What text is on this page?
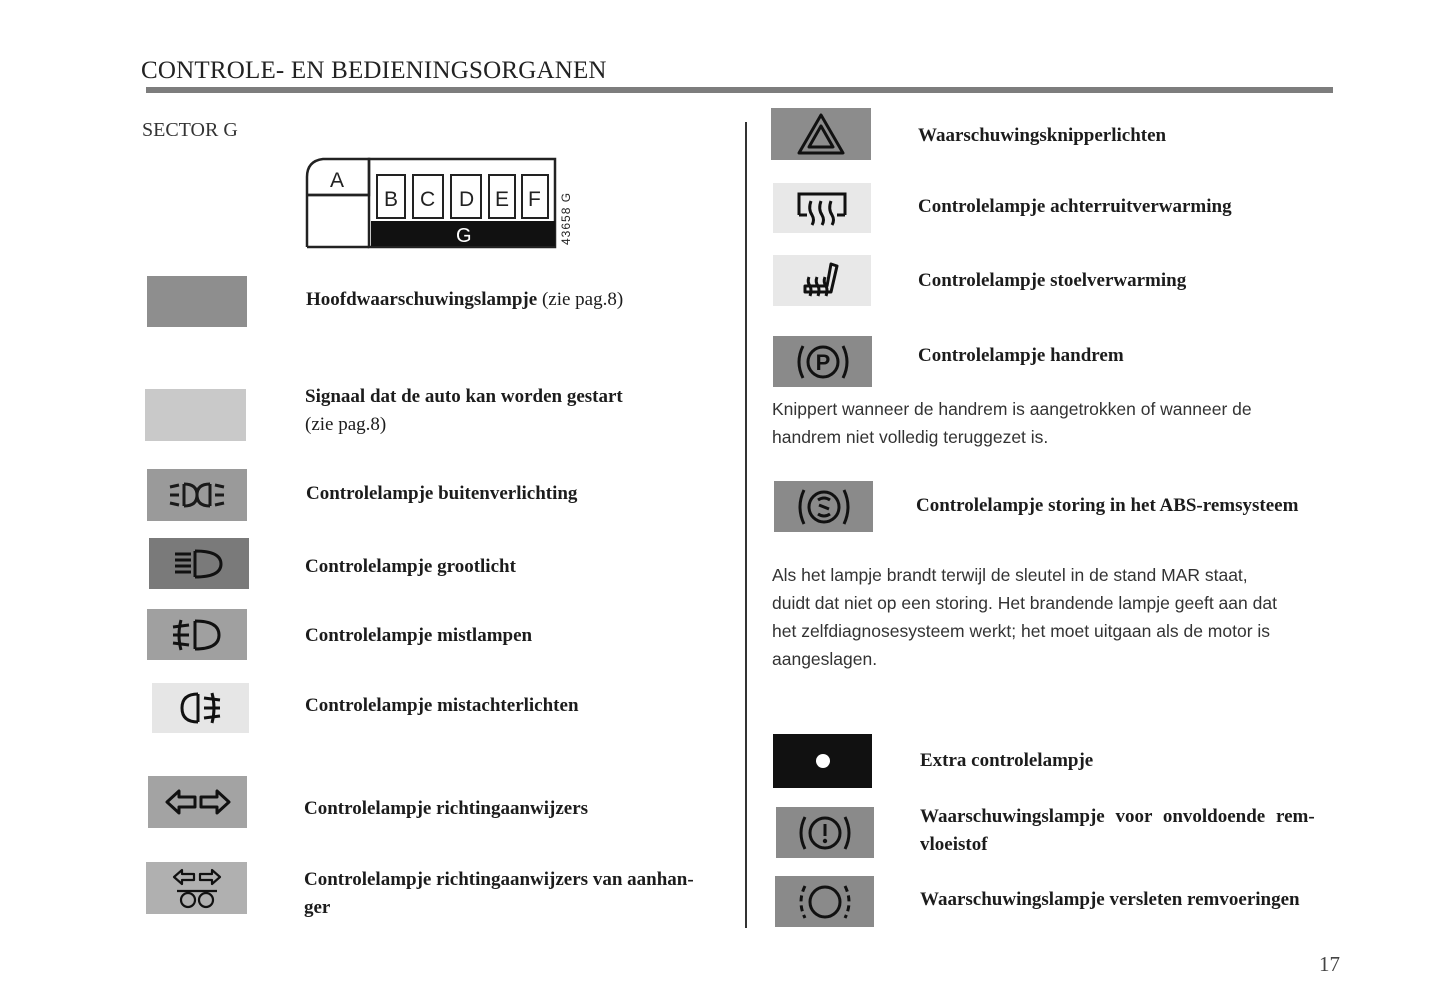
CONTROLE- EN BEDIENINGSORGANEN
SECTOR G
A
B C D E F
G	43658 G
Hoofdwaarschuwingslampje (zie pag.8)
Signaal dat de auto kan worden gestart
(zie pag.8)
Controlelampje buitenverlichting
Controlelampje grootlicht
Controlelampje mistlampen
Controlelampje mistachterlichten
Controlelampje richtingaanwijzers
Controlelampje richtingaanwijzers van aanhan-
ger
Waarschuwingsknipperlichten
Controlelampje achterruitverwarming
Controlelampje stoelverwarming
P	Controlelampje handrem
Knippert wanneer de handrem is aangetrokken of wanneer de
handrem niet volledig teruggezet is.
Controlelampje storing in het ABS-remsysteem
Als het lampje brandt terwijl de sleutel in de stand MAR staat,
duidt dat niet op een storing. Het brandende lampje geeft aan dat
het zelfdiagnosesysteem werkt; het moet uitgaan als de motor is
aangeslagen.
Extra controlelampje
Waarschuwingslampje voor onvoldoende rem-
vloeistof
Waarschuwingslampje versleten remvoeringen
17
